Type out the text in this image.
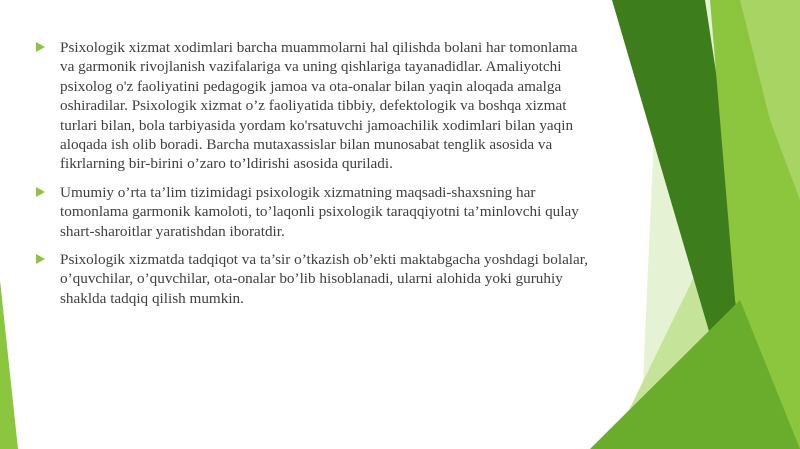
Psixologik xizmat xodimlari barcha muammolarni hal qilishda bolani har tomonlama va garmonik rivojlanish vazifalariga va uning qishlariga tayanadidlar. Amaliyotchi psixolog o'z faoliyatini pedagogik jamoa va ota-onalar bilan yaqin aloqada amalga oshiradilar. Psixologik xizmat o’z faoliyatida tibbiy, defektologik va boshqa xizmat turlari bilan, bola tarbiyasida yordam ko'rsatuvchi jamoachilik xodimlari bilan yaqin aloqada ish olib boradi. Barcha mutaxassislar bilan munosabat tenglik asosida va fikrlarning bir-birini o’zaro to’ldirishi asosida quriladi.
Umumiy o’rta ta’lim tizimidagi psixologik xizmatning maqsadi-shaxsning har tomonlama garmonik kamoloti, to’laqonli psixologik taraqqiyotni ta’minlovchi qulay shart-sharoitlar yaratishdan iboratdir.
Psixologik xizmatda tadqiqot va ta’sir o’tkazish ob’ekti maktabgacha yoshdagi bolalar, o’quvchilar, o’quvchilar, ota-onalar bo’lib hisoblanadi, ularni alohida yoki guruhiy shaklda tadqiq qilish mumkin.
